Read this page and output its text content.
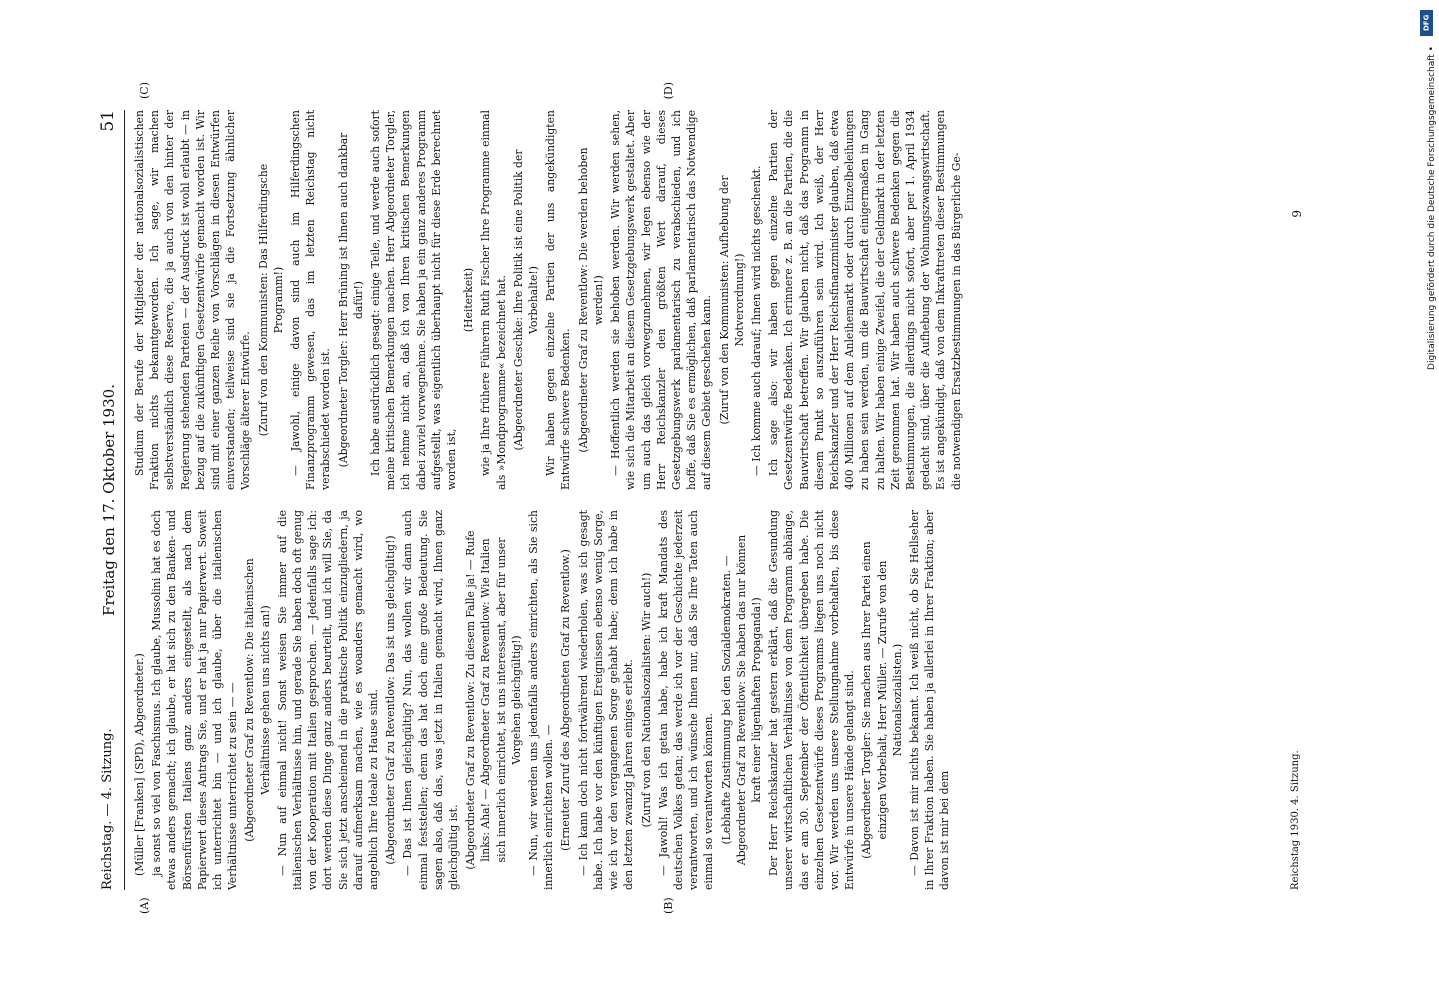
Reichstag. — 4. Sitzung.
Freitag den 17. Oktober 1930.
51
(A)	(B)
(C)	(D)

(Müller [Franken] (SPD), Abgeordneter.) ja sonst so viel von Faschismus. Ich glaube, Mussolini hat es doch etwas anders gemacht; ich glaube, er hat sich zu den Banken- und Börsenfürsten Italiens ganz anders eingestellt, als nach dem Papierwert dieses Antrags Sie, und er hat ja nur Papierwert. Soweit ich unterrichtet bin — und ich glaube, über die italienischen Verhältnisse unterrichtet zu sein — — (Abgeordneter Graf zu Reventlow: Die italienischen Verhältnisse gehen uns nichts an!) — Nun auf einmal nicht! Sonst weisen Sie immer auf die italienischen Verhältnisse hin, und gerade Sie haben doch oft genug von der Kooperation mit Italien gesprochen. — Jedenfalls sage ich: dort werden diese Dinge ganz anders beurteilt, und ich will Sie, da Sie sich jetzt anscheinend in die praktische Politik einzugliedern, ja darauf aufmerksam machen, wie es woanders gemacht wird, wo angeblich Ihre Ideale zu Hause sind. (Abgeordneter Graf zu Reventlow: Das ist uns gleichgültig!) — Das ist Ihnen gleichgültig? Nun, das wollen wir dann auch einmal feststellen; denn das hat doch eine große Bedeutung. Sie sagen also, daß das, was jetzt in Italien gemacht wird, Ihnen ganz gleichgültig ist. (Abgeordneter Graf zu Reventlow: Zu diesem Falle ja! — Rufe links: Aha! — Abgeordneter Graf zu Reventlow: Wie Italien sich innerlich einrichtet, ist uns interessant, aber für unser Vorgehen gleichgültig!) — Nun, wir werden uns jedenfalls anders einrichten, als Sie sich innerlich einrichten wollen. — (Erneuter Zuruf des Abgeordneten Graf zu Reventlow.) — Ich kann doch nicht fortwährend wiederholen, was ich gesagt habe. Ich habe vor den künftigen Ereignissen ebenso wenig Sorge, wie ich vor den vergangenen Sorge gehabt habe; denn ich habe in den letzten zwanzig Jahren einiges erlebt. (Zuruf von den Nationalsozialisten: Wir auch!) — Jawohl! Was ich getan habe, habe ich kraft Mandats des deutschen Volkes getan; das werde ich vor der Geschichte jederzeit verantworten, und ich wünsche Ihnen nur, daß Sie Ihre Taten auch einmal so verantworten können. (Lebhafte Zustimmung bei den Sozialdemokraten. — Abgeordneter Graf zu Reventlow: Sie haben das nur können kraft einer lügenhaften Propaganda!) Der Herr Reichskanzler hat gestern erklärt, daß die Gesundung unserer wirtschaftlichen Verhältnisse von dem Programm abhänge, das er am 30. September der Öffentlichkeit übergeben habe. Die einzelnen Gesetzentwürfe dieses Programms liegen uns noch nicht vor. Wir werden uns unsere Stellungnahme vorbehalten, bis diese Entwürfe in unsere Hände gelangt sind. (Abgeordneter Torgler: Sie machen aus Ihrer Partei einen einzigen Vorbehalt, Herr Müller. — Zurufe von den Nationalsozialisten.) — Davon ist mir nichts bekannt. Ich weiß nicht, ob Sie Hellseher in Ihrer Fraktion haben. Sie haben ja allerlei in Ihrer Fraktion; aber davon ist mir bei dem

Studium der Berufe der Mitglieder der nationalsozialistischen Fraktion nichts bekanntgeworden. Ich sage, wir machen selbstverständlich diese Reserve, die ja auch von den hinter der Regierung stehenden Parteien — der Ausdruck ist wohl erlaubt — in bezug auf die zukünftigen Gesetzentwürfe gemacht worden ist. Wir sind mit einer ganzen Reihe von Vorschlägen in diesen Entwürfen einverstanden; teilweise sind sie ja die Fortsetzung ähnlicher Vorschläge älterer Entwürfe. (Zuruf von den Kommunisten: Das Hilferdingsche Programm!) — Jawohl, einige davon sind auch im Hilferdingschen Finanzprogramm gewesen, das im letzten Reichstag nicht verabschiedet worden ist. (Abgeordneter Torgler: Herr Brüning ist Ihnen auch dankbar dafür!) Ich habe ausdrücklich gesagt: einige Teile, und werde auch sofort meine kritischen Bemerkungen machen. Herr Abgeordneter Torgler, ich nehme nicht an, daß ich von Ihren kritischen Bemerkungen dabei zuviel vorwegnehme. Sie haben ja ein ganz anderes Programm aufgestellt, was eigentlich überhaupt nicht für diese Erde berechnet worden ist,

(Heiterkeit) wie ja Ihre frühere Führerin Ruth Fischer Ihre Programme einmal als »Mondprogramme« bezeichnet hat. (Abgeordneter Geschke: Ihre Politik ist eine Politik der Vorbehalte!) Wir haben gegen einzelne Partien der uns angekündigten Entwürfe schwere Bedenken. (Abgeordneter Graf zu Reventlow: Die werden behoben werden!) — Hoffentlich werden sie behoben werden. Wir werden sehen, wie sich die Mitarbeit an diesem Gesetzgebungswerk gestaltet. Aber um auch das gleich vorwegzunehmen, wir legen ebenso wie der Herr Reichskanzler den größten Wert darauf, dieses Gesetzgebungswerk parlamentarisch zu verabschieden, und ich hoffe, daß Sie es ermöglichen, daß parlamentarisch das Notwendige auf diesem Gebiet geschehen kann. (Zuruf von den Kommunisten: Aufhebung der Notverordnung!) — Ich komme auch darauf; Ihnen wird nichts geschenkt. Ich sage also: wir haben gegen einzelne Partien der Gesetzentwürfe Bedenken. Ich erinnere z. B. an die Partien, die die Bauwirtschaft betreffen. Wir glauben nicht, daß das Programm in diesem Punkt so auszuführen sein wird. Ich weiß, der Herr Reichskanzler und der Herr Reichsfinanzminister glauben, daß etwa 400 Millionen auf dem Anleihemarkt oder durch Einzelbeleihungen zu haben sein werden, um die Bauwirtschaft einigermaßen in Gang zu halten. Wir haben einige Zweifel, die der Geldmarkt in der letzten Zeit genommen hat. Wir haben auch schwere Bedenken gegen die Bestimmungen, die allerdings nicht sofort, aber per 1. April 1934 gedacht sind, über die Aufhebung der Wohnungszwangswirtschaft. Es ist angekündigt, daß von dem Inkrafttreten dieser Bestimmungen die notwendigen Ersatzbestimmungen in das Bürgerliche Ge-

Reichstag 1930. 4. Sitzung.
9	Digitalisierung gefördert durch die Deutsche Forschungsgemeinschaft •
DFG
